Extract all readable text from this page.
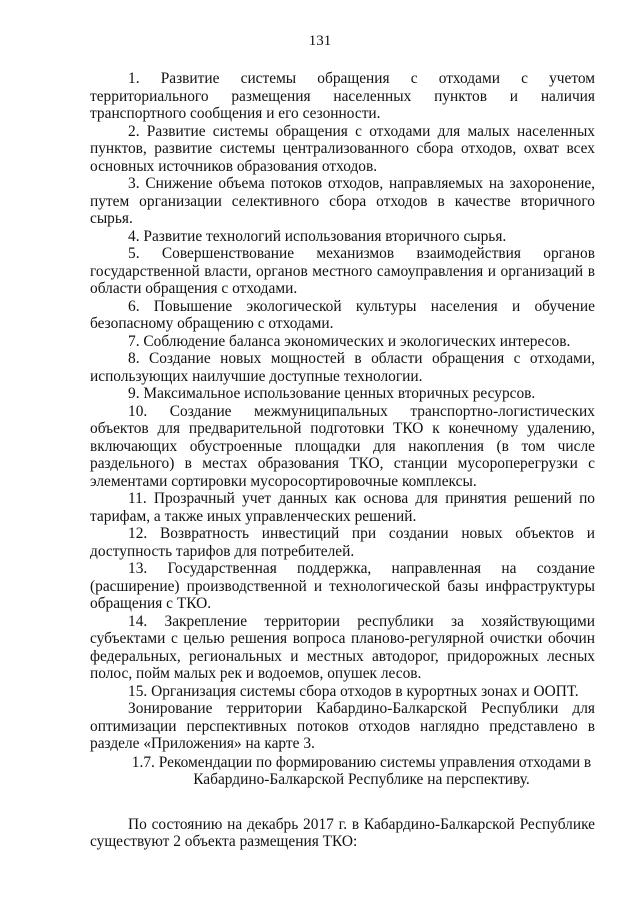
131

1. Развитие системы обращения с отходами с учетом территориального размещения населенных пунктов и наличия транспортного сообщения и его сезонности.

2. Развитие системы обращения с отходами для малых населенных пунктов, развитие системы централизованного сбора отходов, охват всех основных источников образования отходов.

3. Снижение объема потоков отходов, направляемых на захоронение, путем организации селективного сбора отходов в качестве вторичного сырья.

4. Развитие технологий использования вторичного сырья.

5. Совершенствование механизмов взаимодействия органов государственной власти, органов местного самоуправления и организаций в области обращения с отходами.

6. Повышение экологической культуры населения и обучение безопасному обращению с отходами.

7. Соблюдение баланса экономических и экологических интересов.

8. Создание новых мощностей в области обращения с отходами, использующих наилучшие доступные технологии.

9. Максимальное использование ценных вторичных ресурсов.

10. Создание межмуниципальных транспортно-логистических объектов для предварительной подготовки ТКО к конечному удалению, включающих обустроенные площадки для накопления (в том числе раздельного) в местах образования ТКО, станции мусороперегрузки с элементами сортировки мусоросортировочные комплексы.

11. Прозрачный учет данных как основа для принятия решений по тарифам, а также иных управленческих решений.

12. Возвратность инвестиций при создании новых объектов и доступность тарифов для потребителей.

13. Государственная поддержка, направленная на создание (расширение) производственной и технологической базы инфраструктуры обращения с ТКО.

14. Закрепление территории республики за хозяйствующими субъектами с целью решения вопроса планово-регулярной очистки обочин федеральных, региональных и местных автодорог, придорожных лесных полос, пойм малых рек и водоемов, опушек лесов.

15. Организация системы сбора отходов в курортных зонах и ООПТ.

Зонирование территории Кабардино-Балкарской Республики для оптимизации перспективных потоков отходов наглядно представлено в разделе «Приложения» на карте 3.

1.7. Рекомендации по формированию системы управления отходами в Кабардино-Балкарской Республике на перспективу.

По состоянию на декабрь 2017 г. в Кабардино-Балкарской Республике существуют 2 объекта размещения ТКО:
